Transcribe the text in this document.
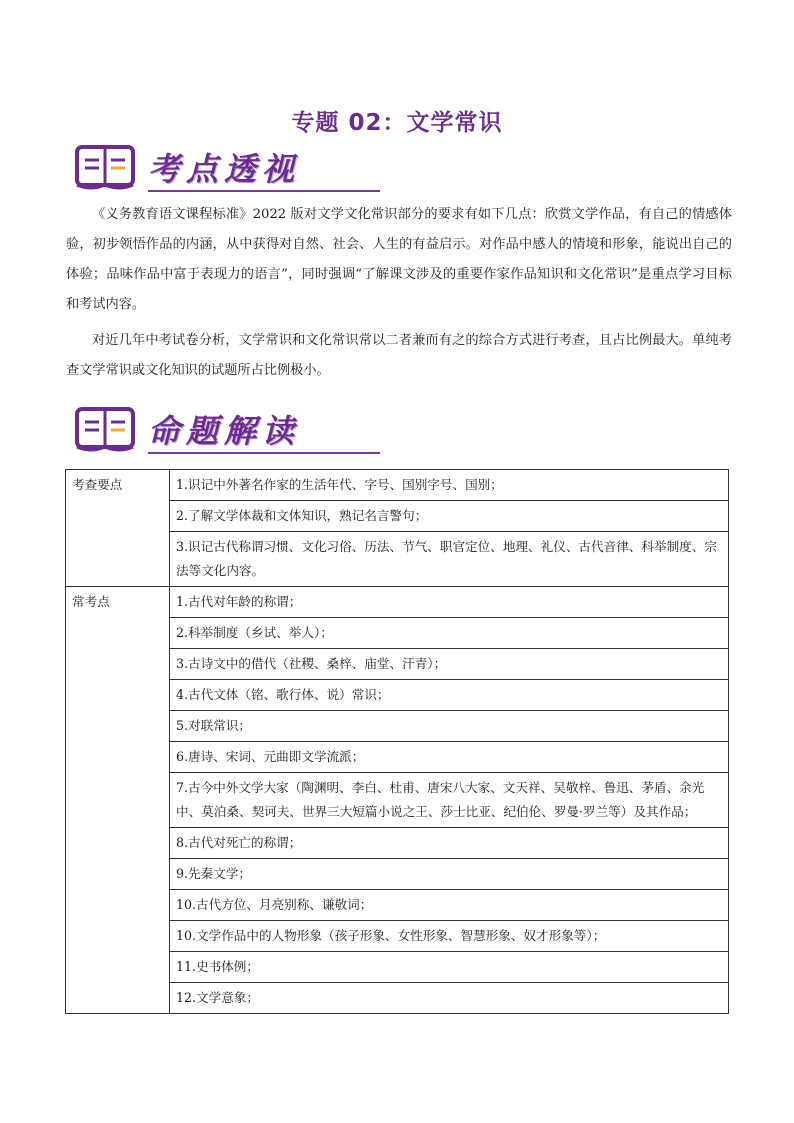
专题 02：文学常识
考点透视
《义务教育语文课程标准》2022 版对文学文化常识部分的要求有如下几点：欣赏文学作品，有自己的情感体验，初步领悟作品的内涵，从中获得对自然、社会、人生的有益启示。对作品中感人的情境和形象，能说出自己的体验；品味作品中富于表现力的语言”，同时强调“了解课文涉及的重要作家作品知识和文化常识”是重点学习目标和考试内容。
对近几年中考试卷分析，文学常识和文化常识常以二者兼而有之的综合方式进行考查，且占比例最大。单纯考查文学常识或文化知识的试题所占比例极小。
命题解读
考查要点	1.识记中外著名作家的生活年代、字号、国别字号、国别；
	2.了解文学体裁和文体知识，熟记名言警句；
	3.识记古代称谓习惯、文化习俗、历法、节气、职官定位、地理、礼仪、古代音律、科举制度、宗法等文化内容。
常考点	1.古代对年龄的称谓；
	2.科举制度（乡试、举人）；
	3.古诗文中的借代（社稷、桑梓、庙堂、汗青）；
	4.古代文体（铭、歌行体、说）常识；
	5.对联常识；
	6.唐诗、宋词、元曲即文学流派；
	7.古今中外文学大家（陶渊明、李白、杜甫、唐宋八大家、文天祥、吴敬梓、鲁迅、茅盾、余光中、莫泊桑、契诃夫、世界三大短篇小说之王、莎士比亚、纪伯伦、罗曼·罗兰等）及其作品；
	8.古代对死亡的称谓；
	9.先秦文学；
	10.古代方位、月亮别称、谦敬词；
	10.文学作品中的人物形象（孩子形象、女性形象、智慧形象、奴才形象等）；
	11.史书体例；
	12.文学意象；
